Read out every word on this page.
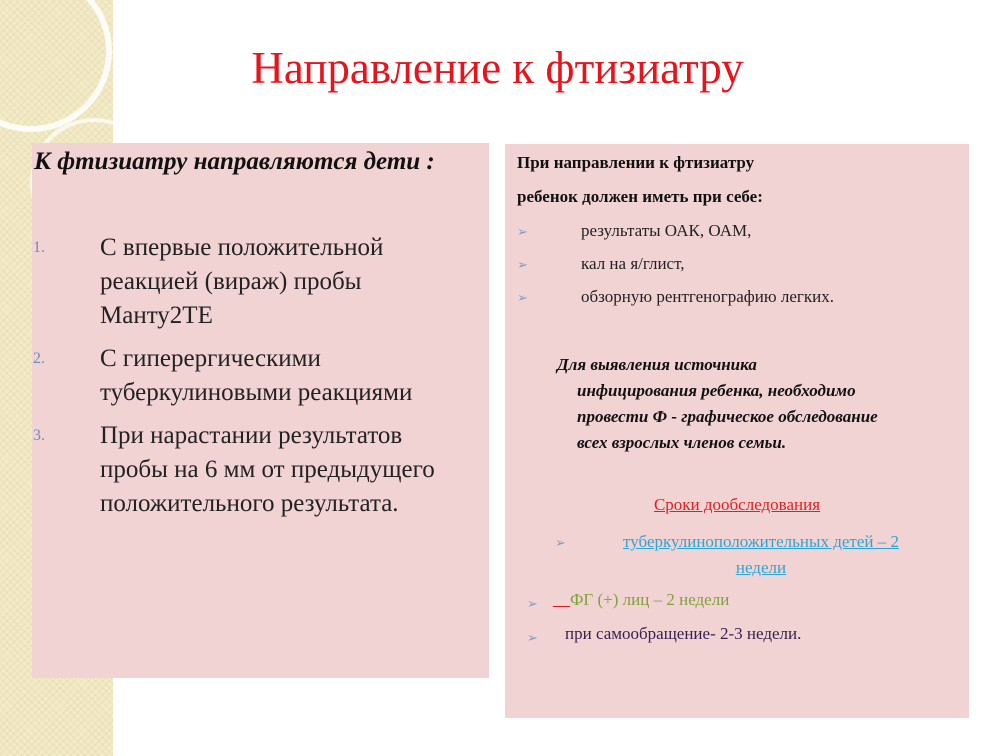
Направление к фтизиатру
К фтизиатру направляются дети :
1. С впервые положительной
реакцией (вираж) пробы
Манту2ТЕ
2. С гиперергическими
туберкулиновыми реакциями
3. При нарастании результатов
пробы на 6 мм от предыдущего
положительного результата.
При направлении к фтизиатру
ребенок должен иметь при себе:
➢	результаты ОАК, ОАМ,
➢	кал на я/глист,
➢	обзорную рентгенографию легких.
Для выявления источника
инфицирования ребенка, необходимо
провести Ф - графическое обследование
всех взрослых членов семьи.
Сроки дообследования
➢	туберкулиноположительных детей – 2
недели
➢ __ФГ (+) лиц – 2 недели
➢ при самообращение- 2-3 недели.
